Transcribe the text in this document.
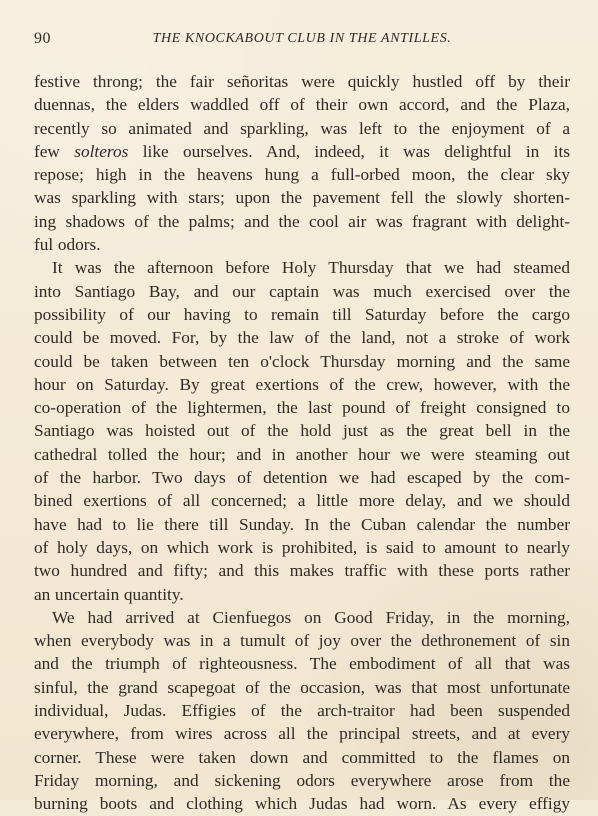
90	THE KNOCKABOUT CLUB IN THE ANTILLES.
festive throng; the fair señoritas were quickly hustled off by their
duennas, the elders waddled off of their own accord, and the Plaza,
recently so animated and sparkling, was left to the enjoyment of a
few solteros like ourselves. And, indeed, it was delightful in its
repose; high in the heavens hung a full-orbed moon, the clear sky
was sparkling with stars; upon the pavement fell the slowly shorten-
ing shadows of the palms; and the cool air was fragrant with delight-
ful odors.
It was the afternoon before Holy Thursday that we had steamed
into Santiago Bay, and our captain was much exercised over the
possibility of our having to remain till Saturday before the cargo
could be moved. For, by the law of the land, not a stroke of work
could be taken between ten o'clock Thursday morning and the same
hour on Saturday. By great exertions of the crew, however, with the
co-operation of the lightermen, the last pound of freight consigned to
Santiago was hoisted out of the hold just as the great bell in the
cathedral tolled the hour; and in another hour we were steaming out
of the harbor. Two days of detention we had escaped by the com-
bined exertions of all concerned; a little more delay, and we should
have had to lie there till Sunday. In the Cuban calendar the number
of holy days, on which work is prohibited, is said to amount to nearly
two hundred and fifty; and this makes traffic with these ports rather
an uncertain quantity.
We had arrived at Cienfuegos on Good Friday, in the morning,
when everybody was in a tumult of joy over the dethronement of sin
and the triumph of righteousness. The embodiment of all that was
sinful, the grand scapegoat of the occasion, was that most unfortunate
individual, Judas. Effigies of the arch-traitor had been suspended
everywhere, from wires across all the principal streets, and at every
corner. These were taken down and committed to the flames on
Friday morning, and sickening odors everywhere arose from the
burning boots and clothing which Judas had worn. As every effigy
